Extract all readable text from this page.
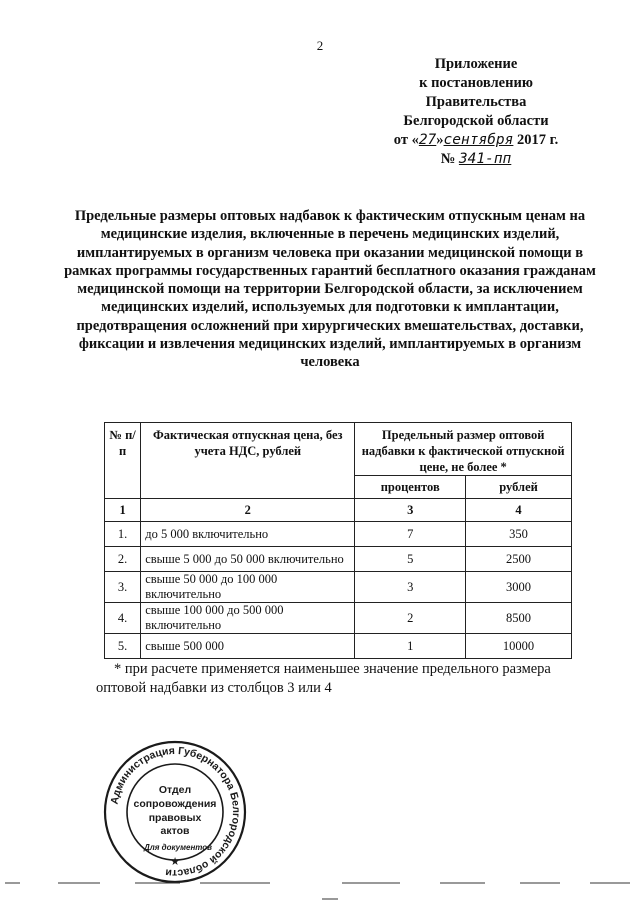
2
Приложение
к постановлению
Правительства
Белгородской области
от «27»сентября 2017 г.
№ 341-пп
Предельные размеры оптовых надбавок к фактическим отпускным ценам на медицинские изделия, включенные в перечень медицинских изделий, имплантируемых в организм человека при оказании медицинской помощи в рамках программы государственных гарантий бесплатного оказания гражданам медицинской помощи на территории Белгородской области, за исключением медицинских изделий, используемых для подготовки к имплантации, предотвращения осложнений при хирургических вмешательствах, доставки, фиксации и извлечения медицинских изделий, имплантируемых в организм человека
№ п/п	Фактическая отпускная цена, без учета НДС, рублей	Предельный размер оптовой надбавки к фактической отпускной цене, не более *	
		процентов	рублей
1	2	3	4
1.	до 5 000 включительно	7	350
2.	свыше 5 000 до 50 000 включительно	5	2500
3.	свыше 50 000 до 100 000 включительно	3	3000
4.	свыше 100 000 до 500 000 включительно	2	8500
5.	свыше 500 000	1	10000
* при расчете применяется наименьшее значение предельного размера оптовой надбавки из столбцов 3 или 4
Администрация Губернатора Белгородской области
Отдел
сопровождения
правовых
актов
Для документов
★
